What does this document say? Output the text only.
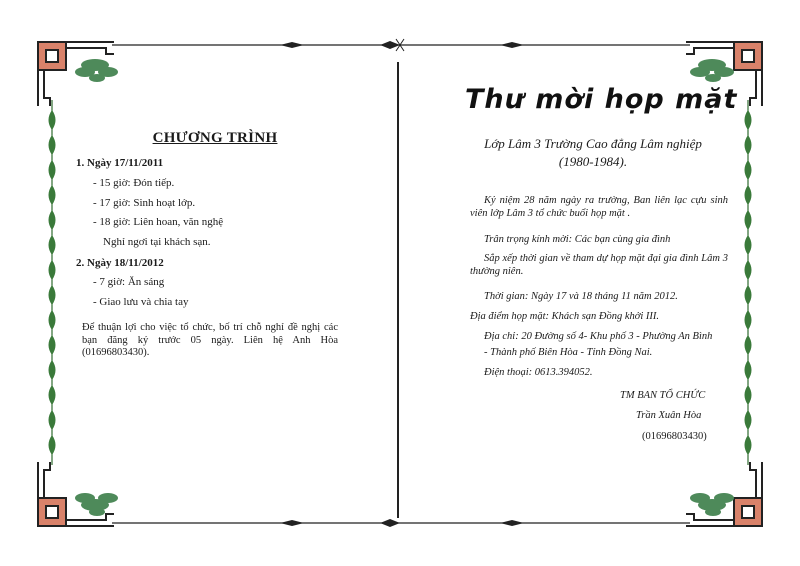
CHƯƠNG TRÌNH
1. Ngày 17/11/2011
- 15 giờ: Đón tiếp.
- 17 giờ: Sinh hoạt lớp.
- 18 giờ: Liên hoan, văn nghệ
Nghỉ ngơi tại khách sạn.
2. Ngày 18/11/2012
- 7 giờ: Ăn sáng
- Giao lưu và chia tay
Để thuận lợi cho việc tổ chức, bố trí chỗ nghỉ đề nghị các bạn đăng ký trước 05 ngày. Liên hệ Anh Hòa (01696803430).
Thư mời họp mặt
Lớp Lâm 3 Trường Cao đẳng Lâm nghiệp
(1980-1984).
Kỷ niệm 28 năm ngày ra trường, Ban liên lạc cựu sinh viên lớp Lâm 3 tổ chức buổi họp mặt .
Trân trọng kính mời: Các bạn cùng gia đình
Sắp xếp thời gian về tham dự họp mặt đại gia đình Lâm 3 thường niên.
Thời gian: Ngày 17 và 18 tháng 11 năm 2012.
Địa điểm họp mặt: Khách sạn Đồng khởi III.
Địa chỉ: 20 Đường số 4- Khu phố 3 - Phường An Bình
- Thành phố Biên Hòa - Tỉnh Đồng Nai.
Điện thoại: 0613.394052.
TM BAN TỔ CHỨC
Trần Xuân Hòa
(01696803430)
